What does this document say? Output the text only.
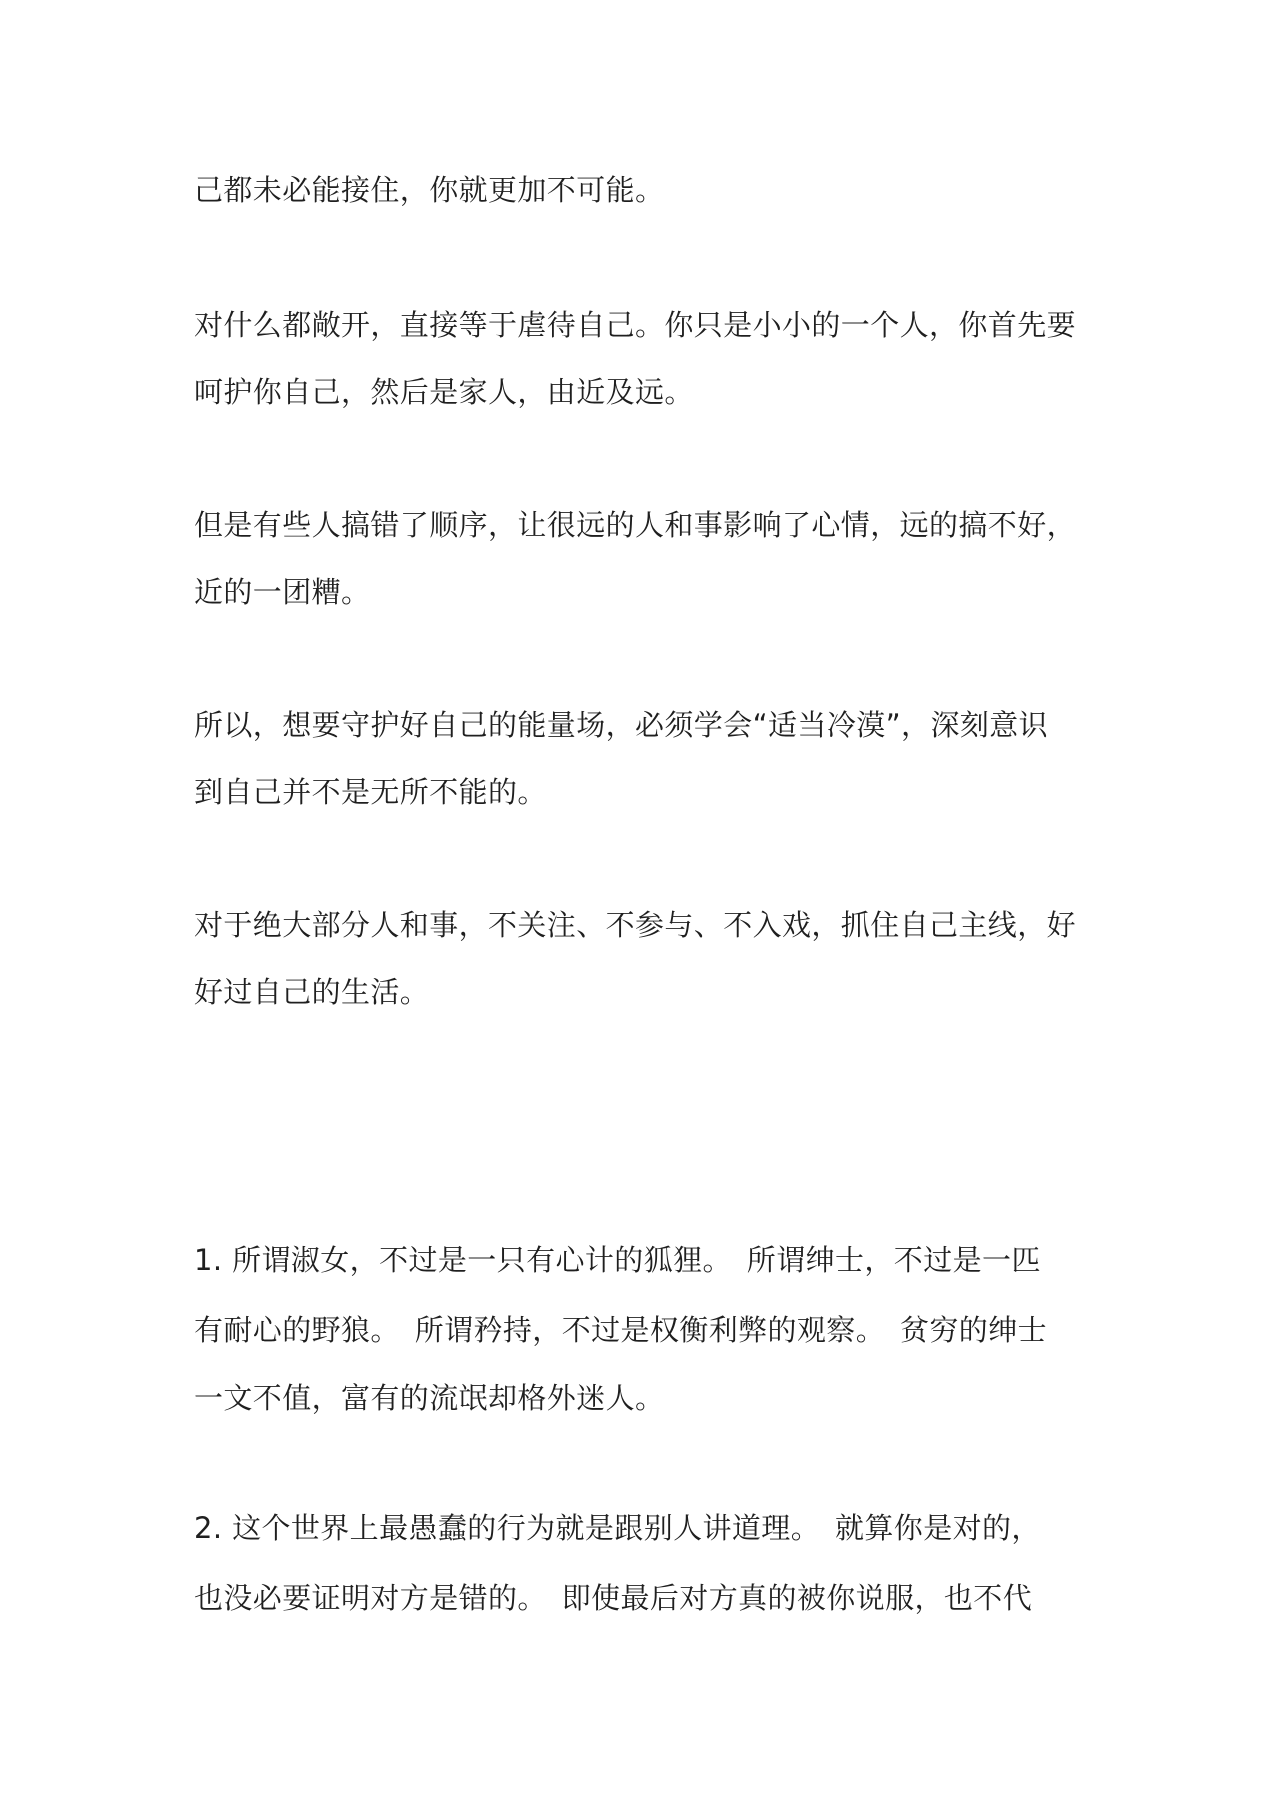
己都未必能接住，你就更加不可能。
对什么都敞开，直接等于虐待自己。你只是小小的一个人，你首先要
呵护你自己，然后是家人，由近及远。
但是有些人搞错了顺序，让很远的人和事影响了心情，远的搞不好，
近的一团糟。
所以，想要守护好自己的能量场，必须学会“适当冷漠”，深刻意识
到自己并不是无所不能的。
对于绝大部分人和事，不关注、不参与、不入戏，抓住自己主线，好
好过自己的生活。
1. 所谓淑女，不过是一只有心计的狐狸。　所谓绅士，不过是一匹
有耐心的野狼。　所谓矜持，不过是权衡利弊的观察。　贫穷的绅士
一文不值，富有的流氓却格外迷人。
2. 这个世界上最愚蠢的行为就是跟别人讲道理。　就算你是对的，
也没必要证明对方是错的。　即使最后对方真的被你说服，也不代
